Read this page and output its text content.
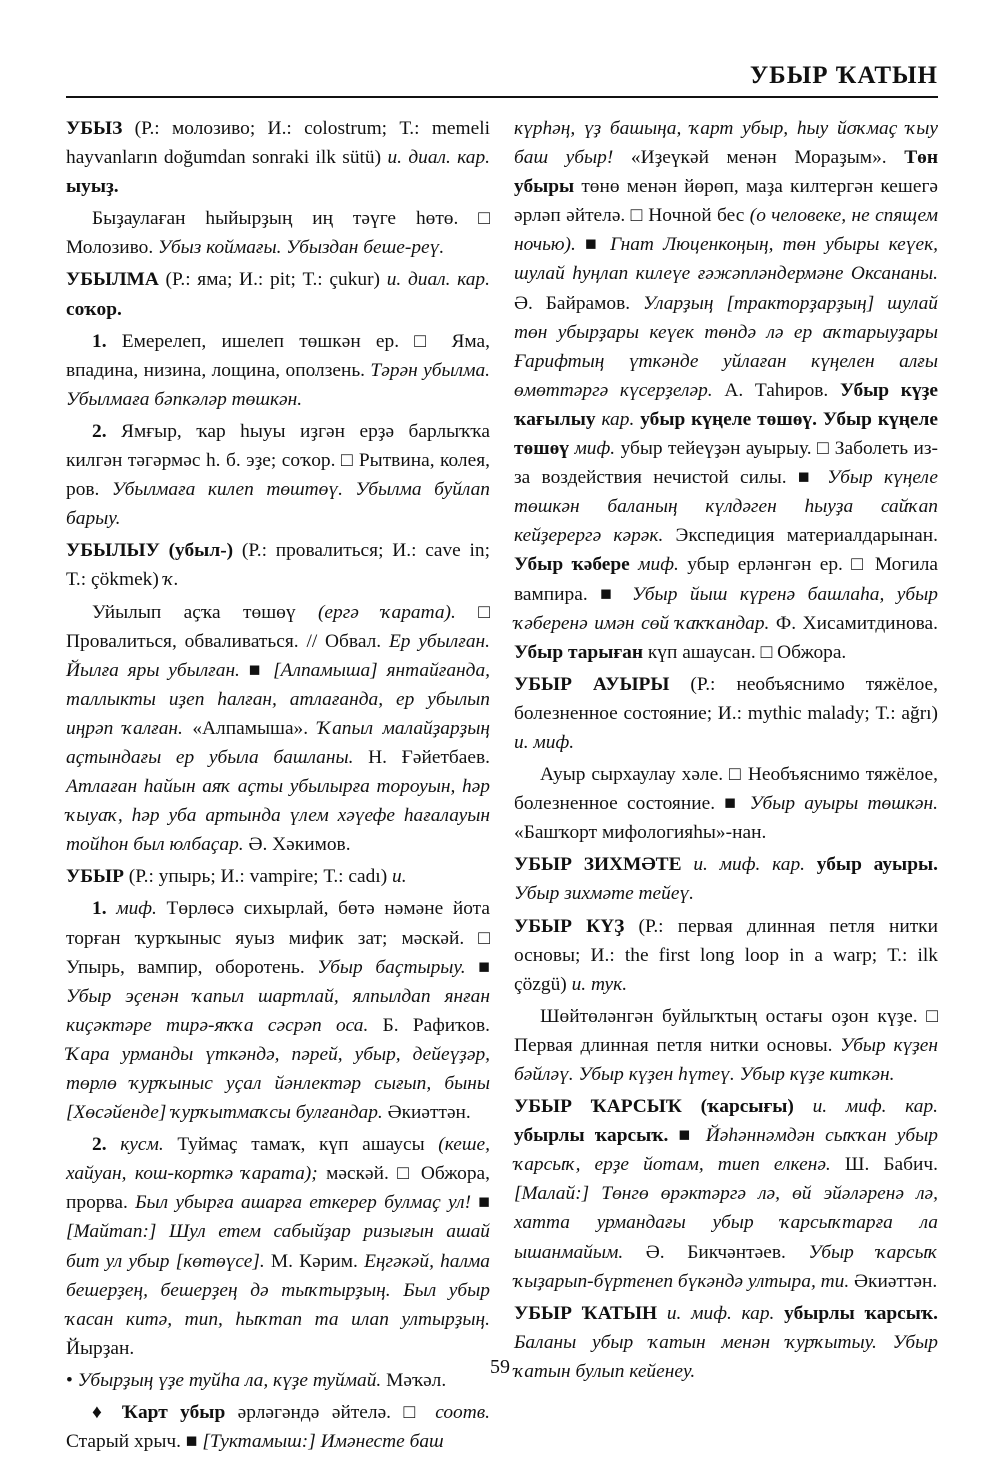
УБЫР ҠАТЫН

УБЫЗ (Р.: молозиво; И.: colostrum; Т.: memeli hayvanların doğumdan sonraki ilk sütü) и. диал. кар. ыуыҙ.

Быҙаулаған һыйырҙың иң тәүге һөтө. □ Молозиво. Убыз коймағы. Убыздан беше-реү.

УБЫЛМА (Р.: яма; И.: pit; Т.: çukur) и. диал. кар. соҡор.

1. Емерелеп, ишелеп төшкән ер. □ Яма, впадина, низина, лощина, оползень. Тәрән убылма. Убылмаға бәпкәләр төшкән.

2. Ямғыр, ҡар һыуы иҙгән ерҙә барлыҡҡа килгән тәгәрмәс һ. б. эҙе; соҡор. □ Рытвина, колея, ров. Убылмаға килеп төштөү. Убылма буйлап барыу.

УБЫЛЫУ (убыл-) (Р.: провалиться; И.: cave in; Т.: çökmek) ҡ.

Уйылып аҫҡа төшөү (ергә ҡарата). □ Провалиться, обваливаться. // Обвал. Ер убылған. Йылға яры убылған. ■ [Алпамыша] янтайғанда, таллыкты иҙеп һалған, атлағанда, ер убылып иңрәп ҡалған. «Алпамыша». Ҡапыл малайҙарҙың аҫтындағы ер убыла башланы. Н. Ғәйетбаев. Атлаған һайын аяҡ аҫты убылырға тороуын, һәр ҡыуаҡ, һәр уба артында үлем хәүефе һағалауын тойһон был юлбаҫар. Ә. Хәкимов.

УБЫР (Р.: упырь; И.: vampire; Т.: cadı) и.

1. миф. Төрлөсә сихырлай, бөтә нәмәне йота торған ҡурҡыныс яуыз мифик зат; мәскәй. □ Упырь, вампир, оборотень. Убыр баҫтырыу. ■ Убыр эҫенән ҡапыл шартлай, ялпылдап янған киҫәктәре тирә-яҡҡа сәсрәп оса. Б. Рафиҡов. Ҡара урманды үткәндә, пәрей, убыр, дейеүҙәр, төрлө ҡурҡыныс уҫал йәнлектәр сығып, быны [Хөсәйенде] ҡурҡытмаҡсы булғандар. Әкиәттән.

2. кусм. Туймаҫ тамаҡ, күп ашаусы (кеше, хайуан, кош-корткә ҡарата); мәскәй. □ Обжора, прорва. Был убырға ашарға еткерep булмаҫ ул! ■ [Майтап:] Шул етем сабыйҙар ризығын ашай бит ул убыр [көтөүсе]. М. Кәрим. Еңгәкәй, һалма бешерҙең, бешерҙең дә тыҡтырҙың. Был убыр ҡасан китә, тип, һыҡтап та илап ултырҙың. Йырҙан.

• Убырҙың үҙе туйһа ла, күҙе туймай. Мәҡәл.

♦ Ҡарт убыр әрләгәндә әйтелә. □ соотв. Старый хрыч. ■ [Туктамыш:] Имәнесте баш

күрһәң, үҙ башыңа, ҡарт убыр, һыу йоҡмаҫ ҡыу баш убыр! «Иҙеүкәй менән Мораҙым». Төн убыры төнө менән йөрөп, маҙа килтергән кешегә әрләп әйтелә. □ Ночной бес (о человеке, не спящем ночью). ■ Гнат Люценкоңың, төн убыры кеүек, шулай һуңлап килеүе ғәжәпләндермәне Оксананы. Ә. Байрамов. Уларҙың [тракторҙарҙың] шулай төн убырҙары кеүек төндә лә ер аҡтарыуҙары Ғарифтың үткәнде уйлаған күңелен алғы өмөттәргә күсерҙеләр. А. Таһиров. Убыр күҙе ҡағылыу кар. убыр күңеле төшөү. Убыр күңеле төшөү миф. убыр тейеүҙән ауырыу. □ Заболеть из-за воздействия нечистой силы. ■ Убыр күңеле төшкән баланың күлдәген һыуҙа сайҡап кейҙерергә кәрәк. Экспедиция материалдарынан. Убыр ҡәбере миф. убыр ерләнгән ер. □ Могила вампира. ■ Убыр йыш күренә башлаһа, убыр ҡәберенә имән сөй ҡаҡҡандар. Ф. Хисамитдинова. Убыр тарыған күп ашаусан. □ Обжора.

УБЫР АУЫРЫ (Р.: необъяснимо тяжёлое, болезненное состояние; И.: mythic malady; Т.: ağrı) и. миф.

Ауыр сырхаулау хәле. □ Необъяснимо тяжёлое, болезненное состояние. ■ Убыр ауыры төшкән. «Башҡорт мифологияһы»-нан.

УБЫР ЗИХМӘТЕ и. миф. кар. убыр ауыры. Убыр зихмәте тейеү.

УБЫР КҮҘ (Р.: первая длинная петля нитки основы; И.: the first long loop in a warp; Т.: ilk çözgü) и. тук.

Шөйтөләнгән буйлыҡтың остағы оҙон күҙе. □ Первая длинная петля нитки основы. Убыр күҙен бәйләү. Убыр күҙен һүтеү. Убыр күҙе киткән.

УБЫР ҠАРСЫҠ (ҡарсығы) и. миф. кар. убырлы ҡарсыҡ. ■ Йәһәннәмдән сыҡҡан убыр ҡарсыҡ, ерҙе йотам, тиеп елкенә. Ш. Бабич. [Малай:] Төнгө өрәктәргә лә, өй эйәләренә лә, хатта урмандағы убыр ҡарсыҡтарға ла ышанмайым. Ә. Бикчәнтәев. Убыр ҡарсыҡ ҡыҙарып-бүртенеп бүкәндә ултыра, ти. Әкиәттән.

УБЫР ҠАТЫН и. миф. кар. убырлы ҡарсыҡ. Баланы убыр ҡатын менән ҡурҡытыу. Убыр ҡатын булып кейенеу.

59
